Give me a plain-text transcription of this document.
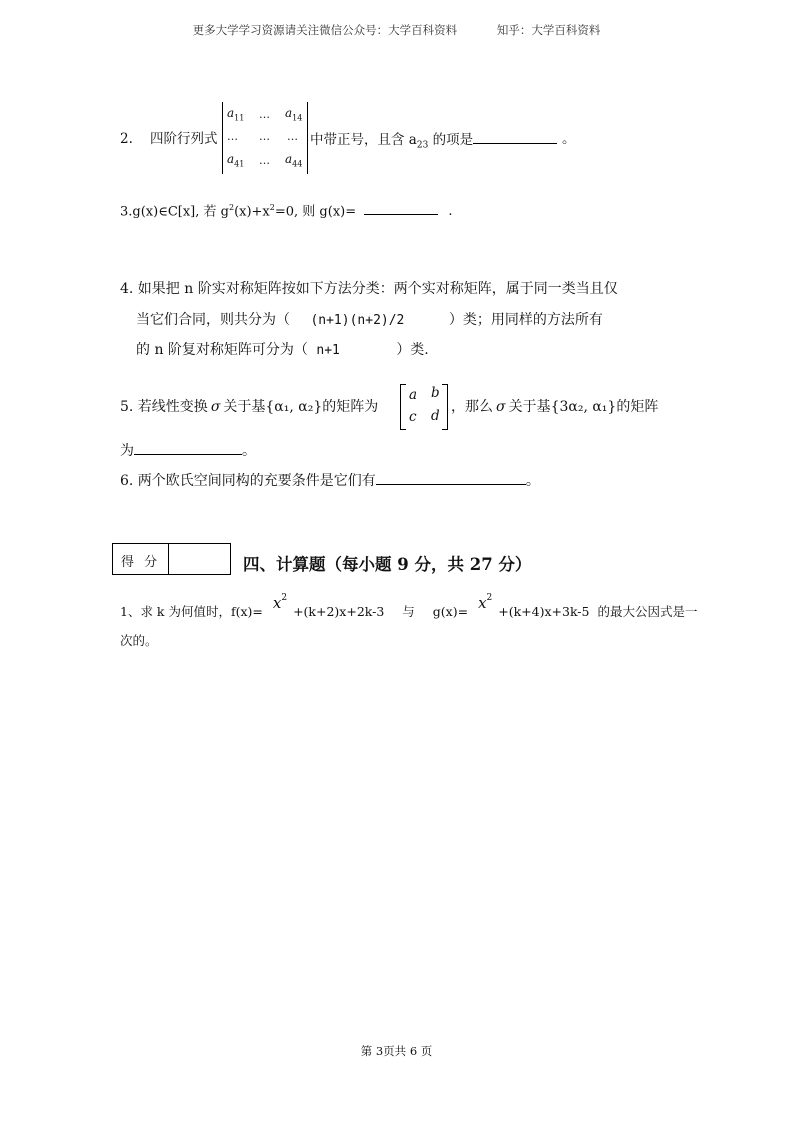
更多大学学习资源请关注微信公众号：大学百科资料	知乎：大学百科资料
2. 四阶行列式
$a_{11}$ … $a_{14}$
… … …
$a_{41}$ … $a_{44}$
中带正号，且含 $a_{23}$ 的项是	。
3.g(x)∈C[x], 若 $g^2(x)+x^2=0$, 则 g(x)=	.
4. 如果把 n 阶实对称矩阵按如下方法分类：两个实对称矩阵，属于同一类当且仅
当它们合同，则共分为（ (n+1)(n+2)/2	）类；用同样的方法所有
的 n 阶复对称矩阵可分为（ n+1	）类.
5. 若线性变换 σ 关于基{α₁, α₂}的矩阵为
a b
c d
，那么 σ 关于基{3α₂, α₁}的矩阵
为	。
6. 两个欧氏空间同构的充要条件是它们有	。
得 分	四、计算题（每小题 9 分，共 27 分）
1、求 k 为何值时，$f(x)= x^2 +(k+2)x+2k-3$ 与 $g(x)= x^2 +(k+4)x+3k-5$ 的最大公因式是一
次的。
第 3页共 6 页
